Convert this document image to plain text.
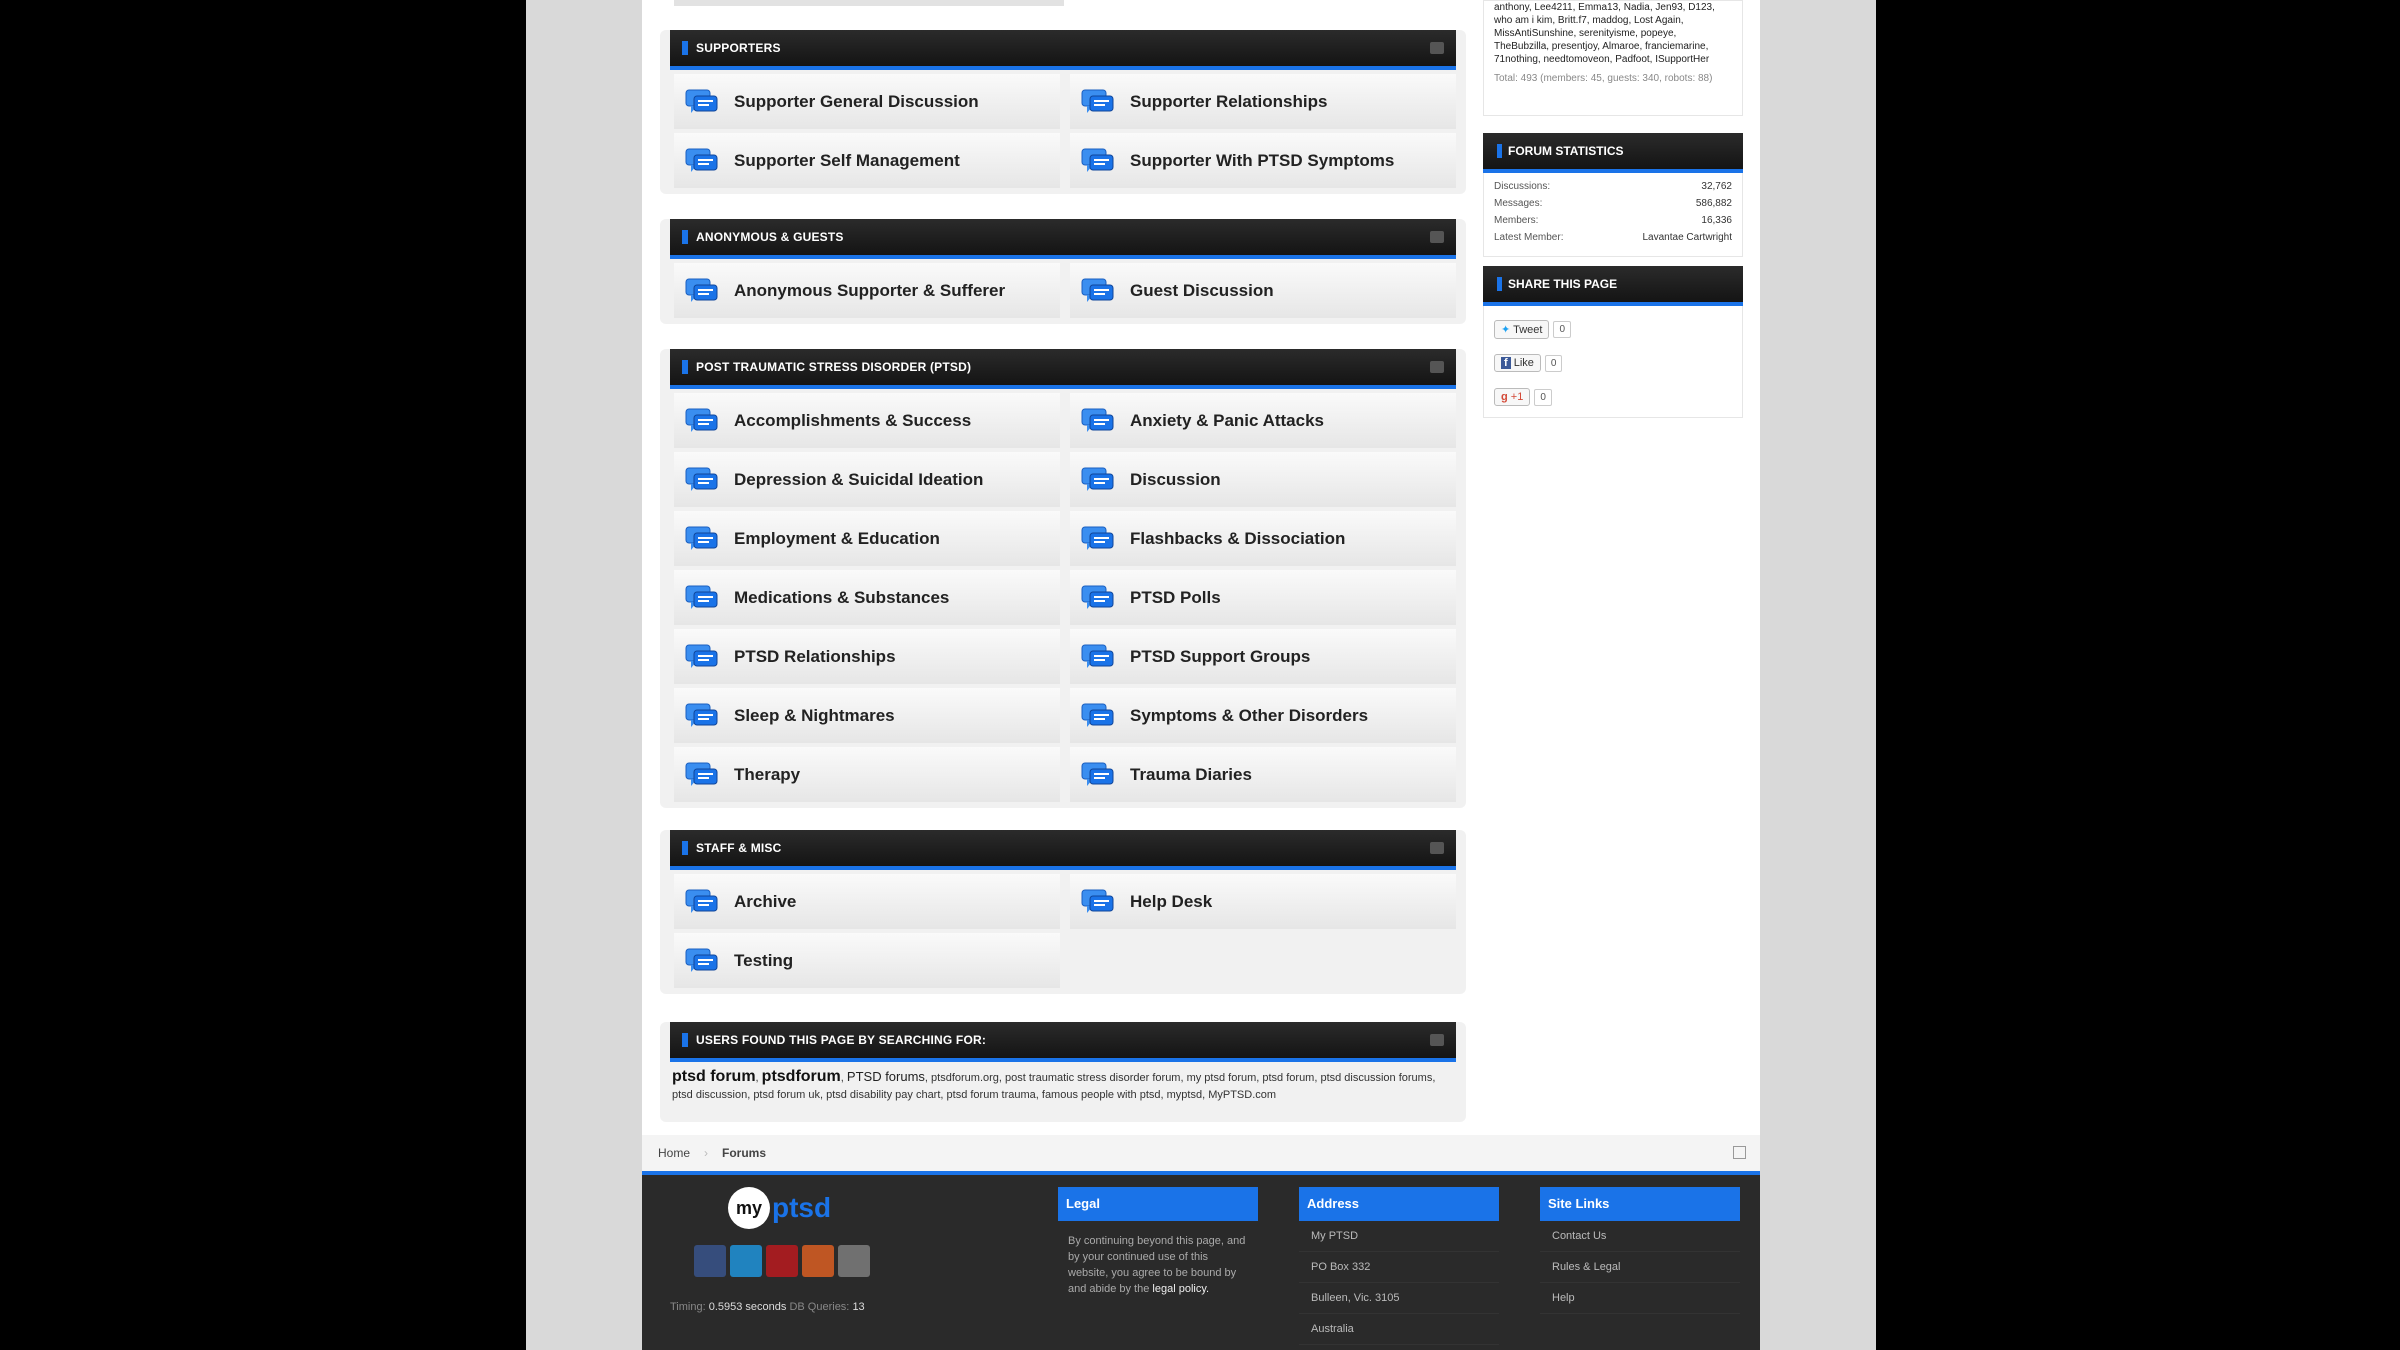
SUPPORTERS
Supporter General Discussion	Supporter Relationships
Supporter Self Management	Supporter With PTSD Symptoms
ANONYMOUS & GUESTS
Anonymous Supporter & Sufferer	Guest Discussion
POST TRAUMATIC STRESS DISORDER (PTSD)
Accomplishments & Success	Anxiety & Panic Attacks
Depression & Suicidal Ideation	Discussion
Employment & Education	Flashbacks & Dissociation
Medications & Substances	PTSD Polls
PTSD Relationships	PTSD Support Groups
Sleep & Nightmares	Symptoms & Other Disorders
Therapy	Trauma Diaries
STAFF & MISC
Archive	Help Desk
Testing
USERS FOUND THIS PAGE BY SEARCHING FOR:
ptsd forum, ptsdforum, PTSD forums, ptsdforum.org, post traumatic stress disorder forum, my ptsd forum, ptsd forum, ptsd discussion forums,
ptsd discussion, ptsd forum uk, ptsd disability pay chart, ptsd forum trauma, famous people with ptsd, myptsd, MyPTSD.com
anthony, Lee4211, Emma13, Nadia, Jen93, D123, who am i kim, Britt.f7, maddog, Lost Again, MissAntiSunshine, serenityisme, popeye, TheBubzilla, presentjoy, Almaroe, franciemarine, 71nothing, needtomoveon, Padfoot, ISupportHer
Total: 493 (members: 45, guests: 340, robots: 88)
FORUM STATISTICS
Discussions:	32,762
Messages:	586,882
Members:	16,336
Latest Member:	Lavantae Cartwright
SHARE THIS PAGE
✦ Tweet	0
f Like	0
g +1	0
Home › Forums
my ptsd
Timing: 0.5953 seconds DB Queries: 13
Legal
By continuing beyond this page, and by your continued use of this website, you agree to be bound by and abide by the legal policy.
Address
My PTSD
PO Box 332
Bulleen, Vic. 3105
Australia
Site Links
Contact Us
Rules & Legal
Help
